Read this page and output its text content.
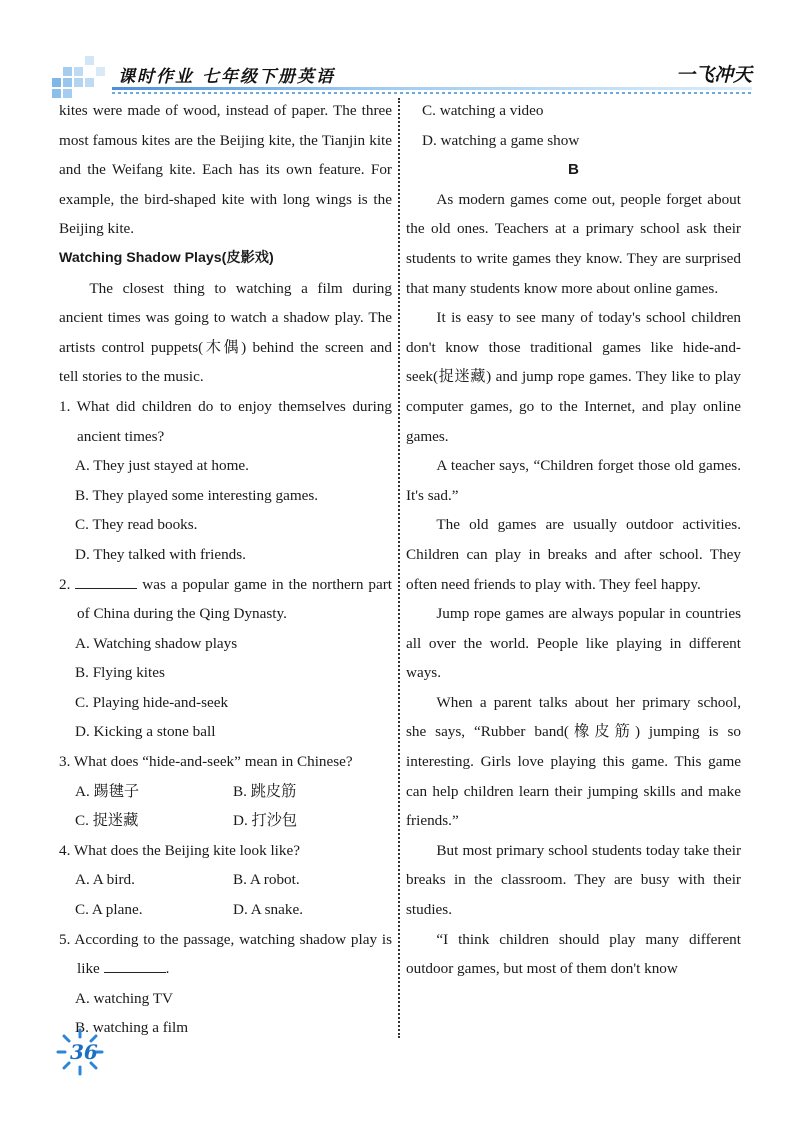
课时作业 七年级下册英语	一飞冲天

kites were made of wood, instead of paper. The three most famous kites are the Beijing kite, the Tianjin kite and the Weifang kite. Each has its own feature. For example, the bird-shaped kite with long wings is the Beijing kite.

Watching Shadow Plays(皮影戏)

The closest thing to watching a film during ancient times was going to watch a shadow play. The artists control puppets(木偶) behind the screen and tell stories to the music.

1. What did children do to enjoy themselves during ancient times?

A. They just stayed at home.

B. They played some interesting games.

C. They read books.

D. They talked with friends.

2.	was a popular game in the northern part of China during the Qing Dynasty.

A. Watching shadow plays

B. Flying kites

C. Playing hide-and-seek

D. Kicking a stone ball

3. What does “hide-and-seek” mean in Chinese?

A. 踢毽子	B. 跳皮筋
C. 捉迷藏	D. 打沙包

4. What does the Beijing kite look like?

A. A bird.	B. A robot.
C. A plane.	D. A snake.

5. According to the passage, watching shadow play is like	.

A. watching TV

B. watching a film

C. watching a video

D. watching a game show

B

As modern games come out, people forget about the old ones. Teachers at a primary school ask their students to write games they know. They are surprised that many students know more about online games.

It is easy to see many of today's school children don't know those traditional games like hide-and-seek(捉迷藏) and jump rope games. They like to play computer games, go to the Internet, and play online games.

A teacher says, “Children forget those old games. It's sad.”

The old games are usually outdoor activities. Children can play in breaks and after school. They often need friends to play with. They feel happy.

Jump rope games are always popular in countries all over the world. People like playing in different ways.

When a parent talks about her primary school, she says, “Rubber band(橡皮筋) jumping is so interesting. Girls love playing this game. This game can help children learn their jumping skills and make friends.”

But most primary school students today take their breaks in the classroom. They are busy with their studies.

“I think children should play many different outdoor games, but most of them don't know

36
